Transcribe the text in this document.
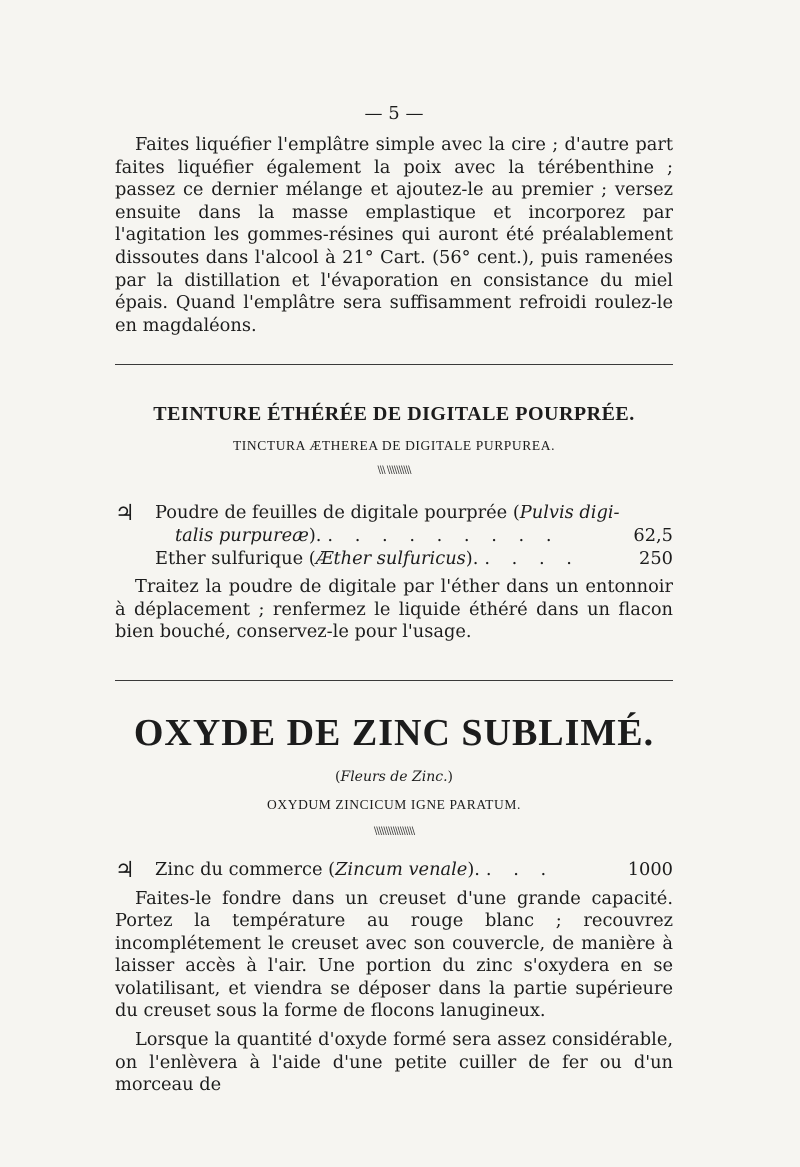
— 5 —

Faites liquéfier l'emplâtre simple avec la cire ; d'autre part faites liquéfier également la poix avec la térébenthine ; passez ce dernier mélange et ajoutez-le au premier ; versez ensuite dans la masse emplastique et incorporez par l'agitation les gommes-résines qui auront été préalablement dissoutes dans l'alcool à 21° Cart. (56° cent.), puis ramenées par la distillation et l'évaporation en consistance du miel épais. Quand l'emplâtre sera suffisamment refroidi roulez-le en magdaléons.

TEINTURE ÉTHÉRÉE DE DIGITALE POURPRÉE.

TINCTURA ÆTHEREA DE DIGITALE PURPUREA.

\\\ \\\\\\\\\\

♃ Poudre de feuilles de digitale pourprée (Pulvis digi-
talis purpureæ). . . . . . . . . .	62,5
Ether sulfurique (Æther sulfuricus). . . . .	250

Traitez la poudre de digitale par l'éther dans un entonnoir à déplacement ; renfermez le liquide éthéré dans un flacon bien bouché, conservez-le pour l'usage.

OXYDE DE ZINC SUBLIMÉ.

(Fleurs de Zinc.)

OXYDUM ZINCICUM IGNE PARATUM.

\\\\\\\\\\\\\\\\\

♃ Zinc du commerce (Zincum venale). . . .	1000

Faites-le fondre dans un creuset d'une grande capacité. Portez la température au rouge blanc ; recouvrez incomplétement le creuset avec son couvercle, de manière à laisser accès à l'air. Une portion du zinc s'oxydera en se volatilisant, et viendra se déposer dans la partie supérieure du creuset sous la forme de flocons lanugineux.

Lorsque la quantité d'oxyde formé sera assez considérable, on l'enlèvera à l'aide d'une petite cuiller de fer ou d'un morceau de
